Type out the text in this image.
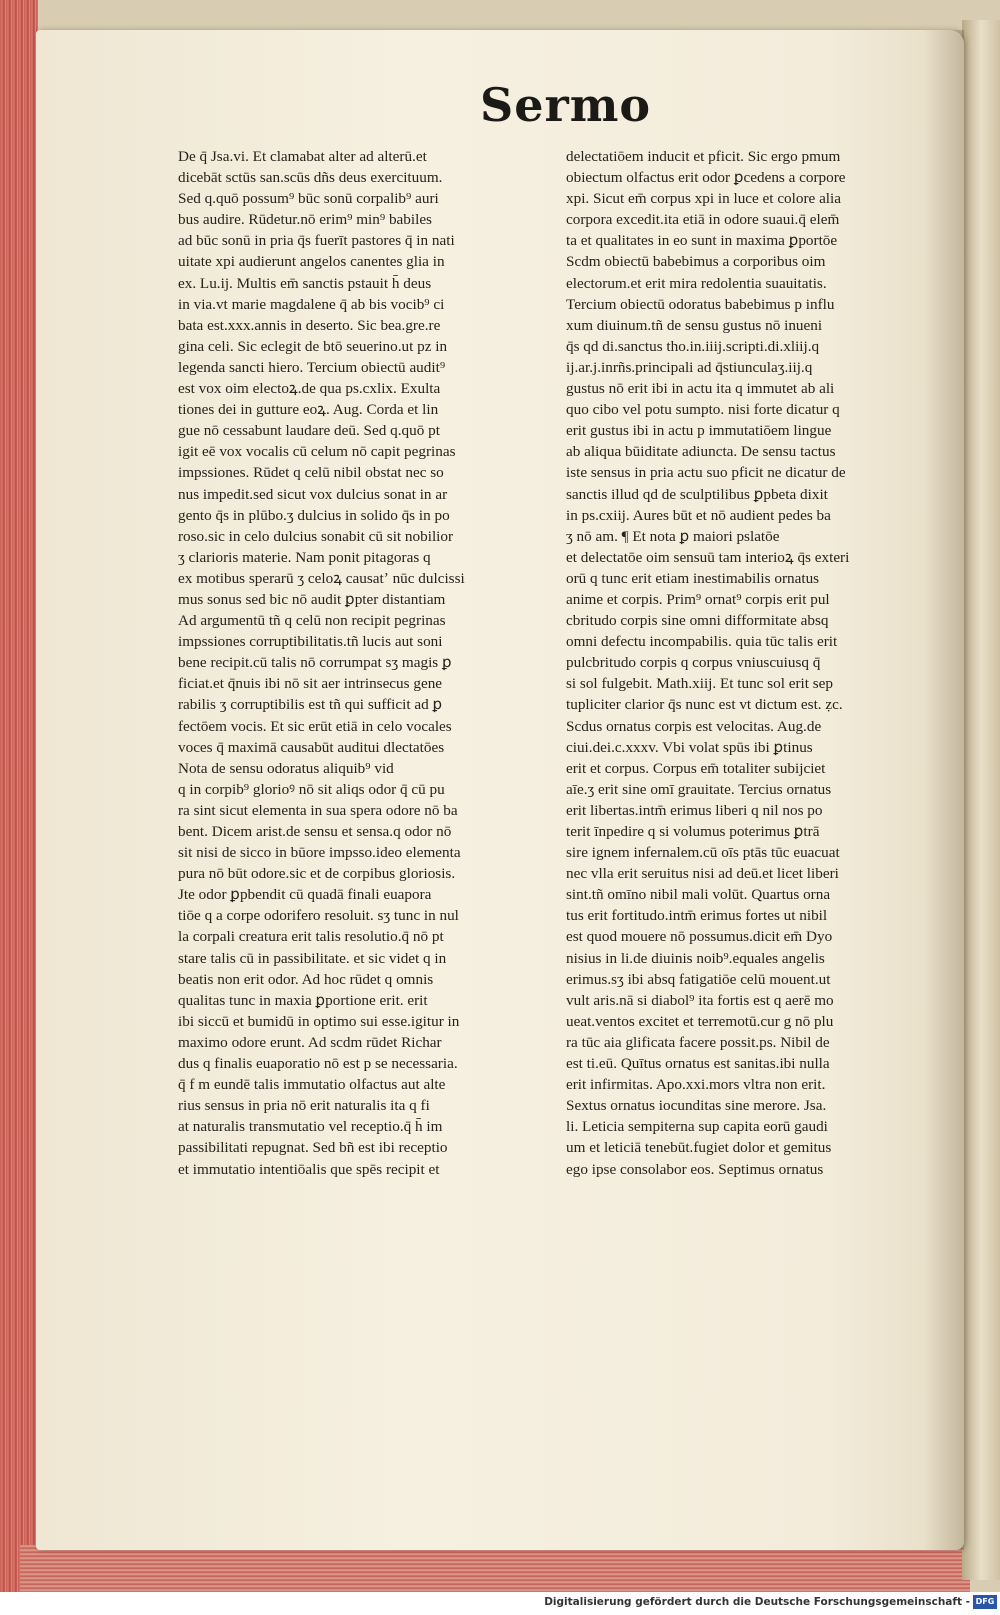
Sermo
De q̄ Jsa.vi. Et clamabat alter ad alterū.et
dicebāt sctūs san.scūs dñs deus exercituum.
Sed q.quō possum⁹ būc sonū corpalib⁹ auri
bus audire. Rūdetur.nō erim⁹ min⁹ babiles
ad būc sonū in pria q̄s fuerīt pastores q̄ in nati
uitate xpi audierunt angelos canentes glia in
ex. Lu.ij. Multis em̄ sanctis pstauit h̄ deus
in via.vt marie magdalene q̄ ab bis vocib⁹ ci
bata est.xxx.annis in deserto. Sic bea.gre.re
gina celi. Sic eclegit de btō seuerino.ut pz in
legenda sancti hiero. Tercium obiectū audit⁹
est vox oim electoꝝ.de qua ps.cxlix. Exulta
tiones dei in gutture eoꝝ. Aug. Corda et lin
gue nō cessabunt laudare deū. Sed q.quō pt
igit eē vox vocalis cū celum nō capit pegrinas
impssiones. Rūdet q celū nibil obstat nec so
nus impedit.sed sicut vox dulcius sonat in ar
gento q̄s in plūbo.ʒ dulcius in solido q̄s in po
roso.sic in celo dulcius sonabit cū sit nobilior
ʒ clarioris materie. Nam ponit pitagoras q
ex motibus sperarū ʒ celoꝝ causatʼ nūc dulcissi
mus sonus sed bic nō audit ꝑpter distantiam
Ad argumentū tñ q celū non recipit pegrinas
impssiones corruptibilitatis.tñ lucis aut soni
bene recipit.cū talis nō corrumpat sʒ magis ꝑ
ficiat.et q̄nuis ibi nō sit aer intrinsecus gene
rabilis ʒ corruptibilis est tñ qui sufficit ad ꝑ
fectōem vocis. Et sic erūt etiā in celo vocales
voces q̄ maximā causabūt auditui dlectatōes
Nota de sensu odoratus aliquib⁹ vid
q in corpib⁹ glorioꝰ nō sit aliqs odor q̄ cū pu
ra sint sicut elementa in sua spera odore nō ba
bent. Dicem arist.de sensu et sensa.q odor nō
sit nisi de sicco in būore impsso.ideo elementa
pura nō būt odore.sic et de corpibus gloriosis.
Jte odor ꝑpbendit cū quadā finali euapora
tiōe q a corpe odorifero resoluit. sʒ tunc in nul
la corpali creatura erit talis resolutio.q̄ nō pt
stare talis cū in passibilitate. et sic videt q in
beatis non erit odor. Ad hoc rūdet q omnis
qualitas tunc in maxia ꝑportione erit. erit
ibi siccū et bumidū in optimo sui esse.igitur in
maximo odore erunt. Ad scdm rūdet Richar
dus q finalis euaporatio nō est p se necessaria.
q̄ f m eundē talis immutatio olfactus aut alte
rius sensus in pria nō erit naturalis ita q fi
at naturalis transmutatio vel receptio.q̄ h̄ im
passibilitati repugnat. Sed bñ est ibi receptio
et immutatio intentiōalis que spēs recipit et
delectatiōem inducit et pficit. Sic ergo pmum
obiectum olfactus erit odor ꝑcedens a corpore
xpi. Sicut em̄ corpus xpi in luce et colore alia
corpora excedit.ita etiā in odore suaui.q̄ elem̄
ta et qualitates in eo sunt in maxima ꝑportōe
Scdm obiectū babebimus a corporibus oim
electorum.et erit mira redolentia suauitatis.
Tercium obiectū odoratus babebimus p influ
xum diuinum.tñ de sensu gustus nō inueni
q̄s qd di.sanctus tho.in.iiij.scripti.di.xliij.q
ij.ar.j.inrñs.principali ad q̄stiunculaʒ.iij.q
gustus nō erit ibi in actu ita q immutet ab ali
quo cibo vel potu sumpto. nisi forte dicatur q
erit gustus ibi in actu p immutatiōem lingue
ab aliqua būiditate adiuncta. De sensu tactus
iste sensus in pria actu suo pficit ne dicatur de
sanctis illud qd de sculptilibus ꝑpbeta dixit
in ps.cxiij. Aures būt et nō audient pedes ba
ʒ nō am. ¶ Et nota ꝑ maiori pslatōe
et delectatōe oim sensuū tam interioꝝ q̄s exteri
orū q tunc erit etiam inestimabilis ornatus
anime et corpis. Prim⁹ ornat⁹ corpis erit pul
cbritudo corpis sine omni difformitate absq
omni defectu incompabilis. quia tūc talis erit
pulcbritudo corpis q corpus vniuscuiusq q̄
si sol fulgebit. Math.xiij. Et tunc sol erit sep
tupliciter clarior q̄s nunc est vt dictum est. ẓc.
Scdus ornatus corpis est velocitas. Aug.de
ciui.dei.c.xxxv. Vbi volat spūs ibi ꝑtinus
erit et corpus. Corpus em̄ totaliter subijciet
aīe.ʒ erit sine omī grauitate. Tercius ornatus
erit libertas.intm̄ erimus liberi q nil nos po
terit īnpedire q si volumus poterimus ꝑtrā
sire ignem infernalem.cū oīs ptās tūc euacuat
nec vlla erit seruitus nisi ad deū.et licet liberi
sint.tñ omīno nibil mali volūt. Quartus orna
tus erit fortitudo.intm̄ erimus fortes ut nibil
est quod mouere nō possumus.dicit em̄ Dyo
nisius in li.de diuinis noib⁹.equales angelis
erimus.sʒ ibi absq fatigatiōe celū mouent.ut
vult aris.nā si diabol⁹ ita fortis est q aerē mo
ueat.ventos excitet et terremotū.cur g nō plu
ra tūc aia glificata facere possit.ps. Nibil de
est ti.eū. Quītus ornatus est sanitas.ibi nulla
erit infirmitas. Apo.xxi.mors vltra non erit.
Sextus ornatus iocunditas sine merore. Jsa.
li. Leticia sempiterna sup capita eorū gaudi
um et leticiā tenebūt.fugiet dolor et gemitus
ego ipse consolabor eos. Septimus ornatus
Digitalisierung gefördert durch die Deutsche Forschungsgemeinschaft - DFG
